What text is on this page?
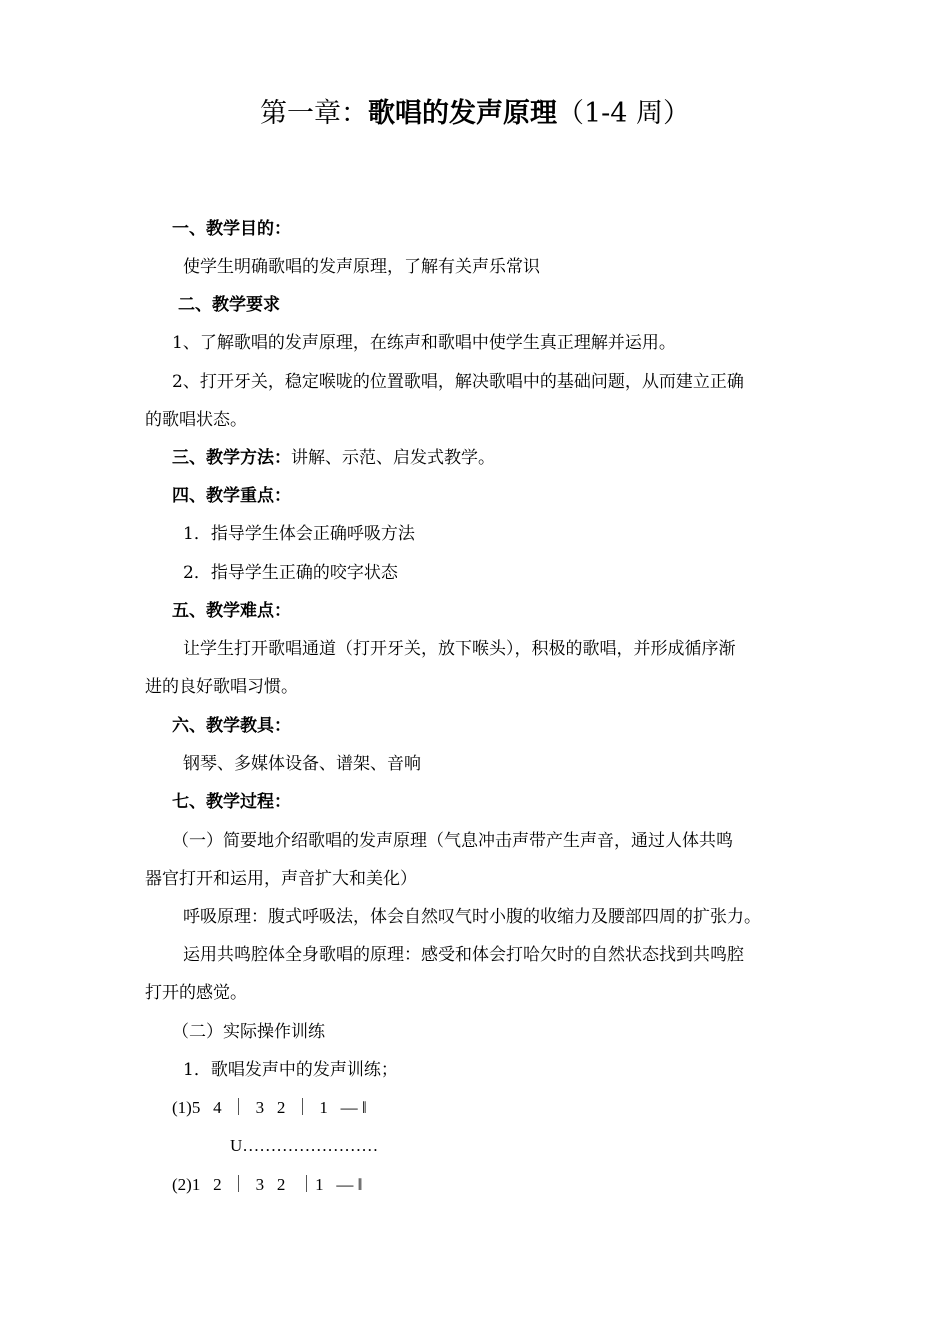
第一章：歌唱的发声原理（1-4 周）
一、教学目的：
使学生明确歌唱的发声原理，了解有关声乐常识
二、教学要求
1、了解歌唱的发声原理，在练声和歌唱中使学生真正理解并运用。
2、打开牙关，稳定喉咙的位置歌唱，解决歌唱中的基础问题，从而建立正确
的歌唱状态。
三、教学方法：讲解、示范、启发式教学。
四、教学重点：
1．指导学生体会正确呼吸方法
2．指导学生正确的咬字状态
五、教学难点：
让学生打开歌唱通道（打开牙关，放下喉头），积极的歌唱，并形成循序渐
进的良好歌唱习惯。
六、教学教具：
钢琴、多媒体设备、谱架、音响
七、教学过程：
（一）简要地介绍歌唱的发声原理（气息冲击声带产生声音，通过人体共鸣
器官打开和运用，声音扩大和美化）
呼吸原理：腹式呼吸法，体会自然叹气时小腹的收缩力及腰部四周的扩张力。
运用共鸣腔体全身歌唱的原理：感受和体会打哈欠时的自然状态找到共鸣腔
打开的感觉。
（二）实际操作训练
1．歌唱发声中的发声训练；
(1)5   4  ｜  3   2  ｜  1   — ‖
U……………………
(2)1   2  ｜  3   2   ｜1   — ‖
